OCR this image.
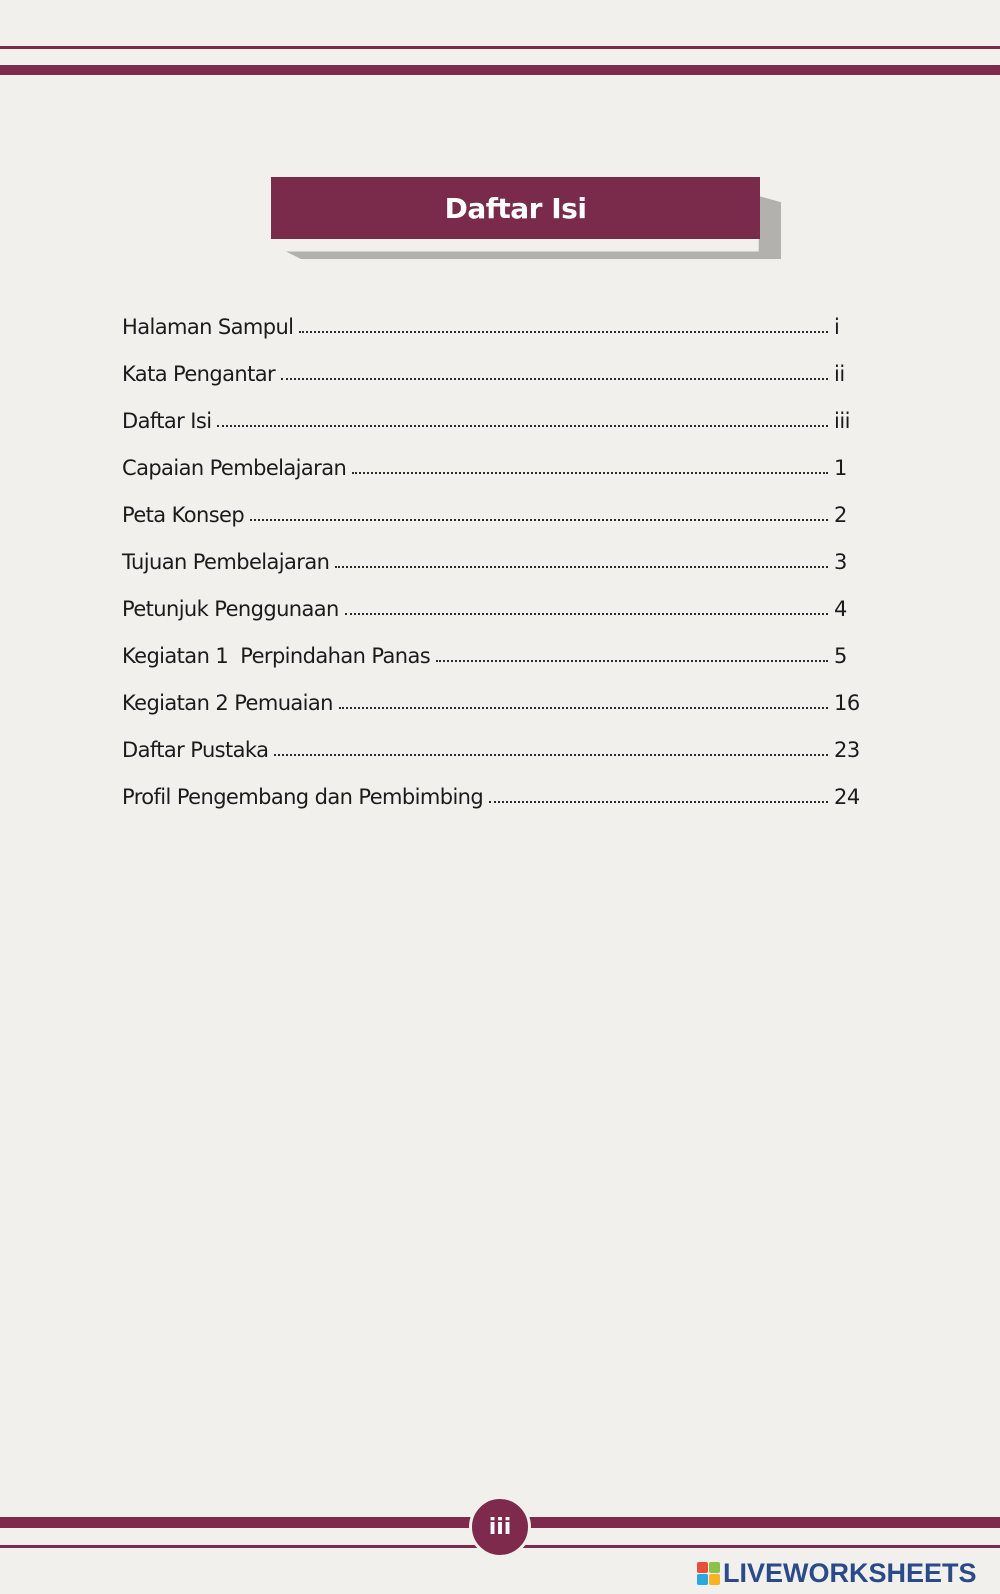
Daftar Isi
Halaman Sampul	i
Kata Pengantar	ii
Daftar Isi	iii
Capaian Pembelajaran	1
Peta Konsep	2
Tujuan Pembelajaran	3
Petunjuk Penggunaan	4
Kegiatan 1  Perpindahan Panas	5
Kegiatan 2 Pemuaian	16
Daftar Pustaka	23
Profil Pengembang dan Pembimbing	24
iii
LIVEWORKSHEETS
